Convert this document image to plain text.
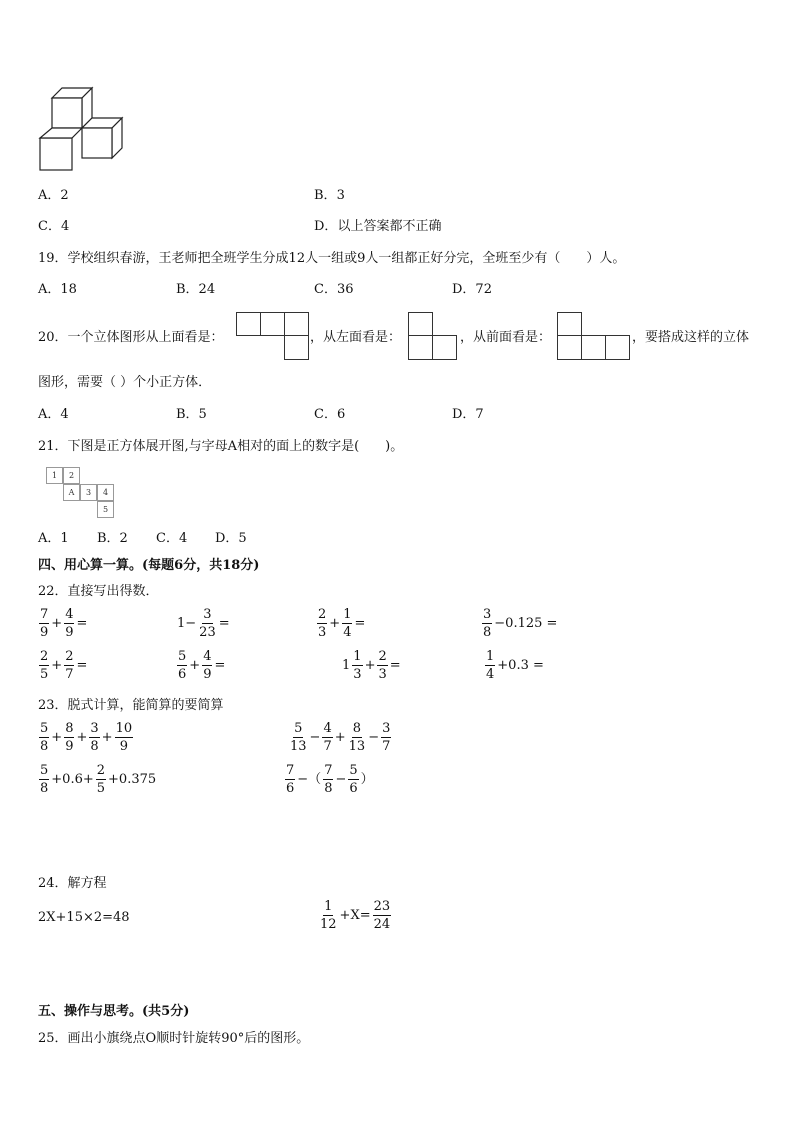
A．2	B．3
C．4	D．以上答案都不正确
19．学校组织春游，王老师把全班学生分成12人一组或9人一组都正好分完，全班至少有（　　）人。
A．18	B．24	C．36	D．72
20．一个立体图形从上面看是：	，从左面看是：	，从前面看是：	，要搭成这样的立体
图形，需要（ ）个小正方体．
A．4	B．5	C．6	D．7
21．下图是正方体展开图,与字母A相对的面上的数字是(　　)。
1	2
A	3	4
5
A．1 B．2 C．4 D．5
四、用心算一算。(每题6分，共18分)
22．直接写出得数．
$\frac{7}{9} + \frac{4}{9}$ =	$1- \frac{3}{23}$ =	$\frac{2}{3} + \frac{1}{4}$ =	$\frac{3}{8} -0.125$ =
$\frac{2}{5} + \frac{2}{7}$ =	$\frac{5}{6} + \frac{4}{9}$ =	$1 \frac{1}{3} + \frac{2}{3}$ =	$\frac{1}{4} +0.3$ =
23．脱式计算，能简算的要简算
$\frac{5}{8} + \frac{8}{9} + \frac{3}{8} + \frac{10}{9}$	$\frac{5}{13} - \frac{4}{7} + \frac{8}{13} - \frac{3}{7}$
$\frac{5}{8} +0.6+ \frac{2}{5} +0.375$	$\frac{7}{6}$ −（ $\frac{7}{8} - \frac{5}{6}$ ）
24．解方程
2X+15×2=48	$\frac{1}{12} +X= \frac{23}{24}$
五、操作与思考。(共5分)
25．画出小旗绕点O顺时针旋转90°后的图形。
